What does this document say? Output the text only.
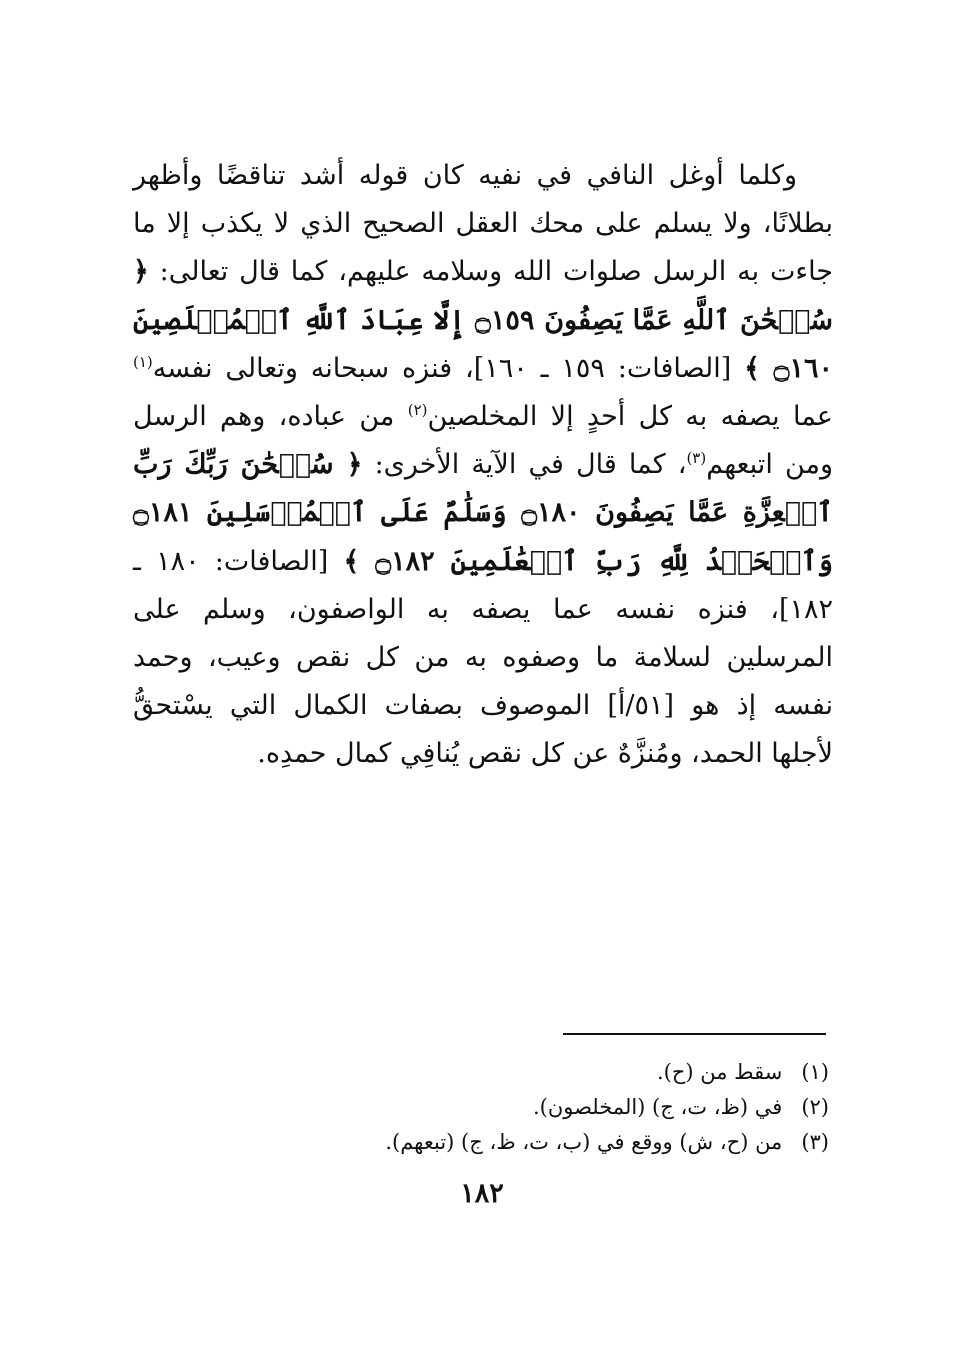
وكلما أوغل النافي في نفيه كان قوله أشد تناقضًا وأظهر بطلانًا، ولا يسلم على محك العقل الصحيح الذي لا يكذب إلا ما جاءت به الرسل صلوات الله وسلامه عليهم، كما قال تعالى: ﴿ سُبۡحَٰنَ ٱللَّهِ عَمَّا يَصِفُونَ ۝١٥٩ إِلَّا عِبَادَ ٱللَّهِ ٱلۡمُخۡلَصِينَ ۝١٦٠ ﴾ [الصافات: ١٥٩ ـ ١٦٠]، فنزه سبحانه وتعالى نفسه$^{(١)}$ عما يصفه به كل أحدٍ إلا المخلصين$^{(٢)}$ من عباده، وهم الرسل ومن اتبعهم$^{(٣)}$، كما قال في الآية الأخرى: ﴿ سُبۡحَٰنَ رَبِّكَ رَبِّ ٱلۡعِزَّةِ عَمَّا يَصِفُونَ ۝١٨٠ وَسَلَٰمٌ عَلَى ٱلۡمُرۡسَلِينَ ۝١٨١ وَٱلۡحَمۡدُ لِلَّهِ رَبِّ ٱلۡعَٰلَمِينَ ۝١٨٢ ﴾ [الصافات: ١٨٠ ـ ١٨٢]، فنزه نفسه عما يصفه به الواصفون، وسلم على المرسلين لسلامة ما وصفوه به من كل نقص وعيب، وحمد نفسه إذ هو [٥١/أ] الموصوف بصفات الكمال التي يسْتحقُّ لأجلها الحمد، ومُنزَّهٌ عن كل نقص يُنافِي كمال حمدِه.

(١) سقط من (ح).
(٢) في (ظ، ت، ج) (المخلصون).
(٣) من (ح، ش) ووقع في (ب، ت، ظ، ج) (تبعهم).
١٨٢
